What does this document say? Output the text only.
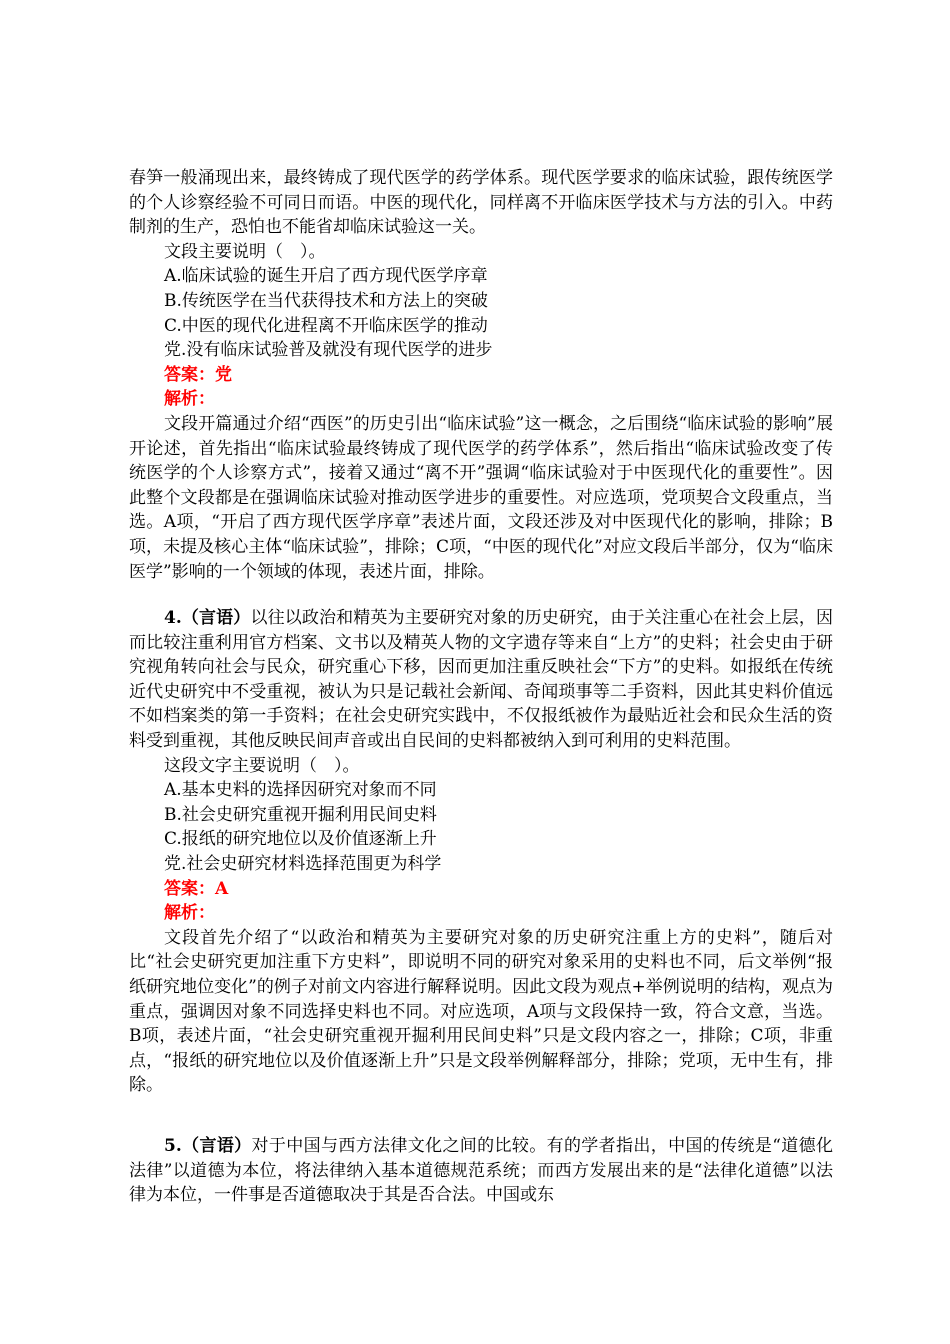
春笋一般涌现出来，最终铸成了现代医学的药学体系。现代医学要求的临床试验，跟传统医学的个人诊察经验不可同日而语。中医的现代化，同样离不开临床医学技术与方法的引入。中药制剂的生产，恐怕也不能省却临床试验这一关。

文段主要说明（　）。

A.临床试验的诞生开启了西方现代医学序章

B.传统医学在当代获得技术和方法上的突破

C.中医的现代化进程离不开临床医学的推动

党.没有临床试验普及就没有现代医学的进步

答案：党

解析：

文段开篇通过介绍“西医”的历史引出“临床试验”这一概念，之后围绕“临床试验的影响”展开论述，首先指出“临床试验最终铸成了现代医学的药学体系”，然后指出“临床试验改变了传统医学的个人诊察方式”，接着又通过“离不开”强调“临床试验对于中医现代化的重要性”。因此整个文段都是在强调临床试验对推动医学进步的重要性。对应选项，党项契合文段重点，当选。A项，“开启了西方现代医学序章”表述片面，文段还涉及对中医现代化的影响，排除；B项，未提及核心主体“临床试验”，排除；C项，“中医的现代化”对应文段后半部分，仅为“临床医学”影响的一个领域的体现，表述片面，排除。

4.（言语）以往以政治和精英为主要研究对象的历史研究，由于关注重心在社会上层，因而比较注重利用官方档案、文书以及精英人物的文字遗存等来自“上方”的史料；社会史由于研究视角转向社会与民众，研究重心下移，因而更加注重反映社会“下方”的史料。如报纸在传统近代史研究中不受重视，被认为只是记载社会新闻、奇闻琐事等二手资料，因此其史料价值远不如档案类的第一手资料；在社会史研究实践中，不仅报纸被作为最贴近社会和民众生活的资料受到重视，其他反映民间声音或出自民间的史料都被纳入到可利用的史料范围。

这段文字主要说明（　）。

A.基本史料的选择因研究对象而不同

B.社会史研究重视开掘利用民间史料

C.报纸的研究地位以及价值逐渐上升

党.社会史研究材料选择范围更为科学

答案：A

解析：

文段首先介绍了“以政治和精英为主要研究对象的历史研究注重上方的史料”，随后对比“社会史研究更加注重下方史料”，即说明不同的研究对象采用的史料也不同，后文举例“报纸研究地位变化”的例子对前文内容进行解释说明。因此文段为观点+举例说明的结构，观点为重点，强调因对象不同选择史料也不同。对应选项，A项与文段保持一致，符合文意，当选。B项，表述片面，“社会史研究重视开掘利用民间史料”只是文段内容之一，排除；C项，非重点，“报纸的研究地位以及价值逐渐上升”只是文段举例解释部分，排除；党项，无中生有，排除。

5.（言语）对于中国与西方法律文化之间的比较。有的学者指出，中国的传统是“道德化法律”以道德为本位，将法律纳入基本道德规范系统；而西方发展出来的是“法律化道德”以法律为本位，一件事是否道德取决于其是否合法。中国或东
